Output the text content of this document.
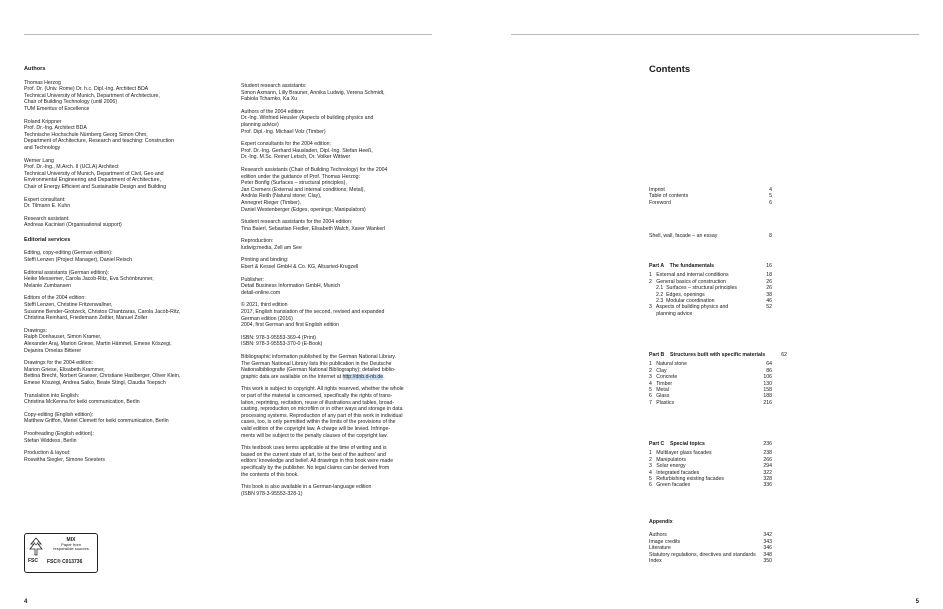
Authors
Thomas Herzog
Prof. Dr. (Univ. Rome) Dr. h.c. Dipl.-Ing. Architect BDA
Technical University of Munich, Department of Architecture,
Chair of Building Technology (until 2006)
TUM Emeritus of Excellence
Roland Krippner
Prof. Dr.-Ing. Architect BDA
Technische Hochschule Nürnberg Georg Simon Ohm,
Department of Architecture, Research and teaching: Construction
and Technology
Werner Lang
Prof. Dr.-Ing., M.Arch. II (UCLA) Architect
Technical University of Munich, Department of Civil, Geo and
Environmental Engineering and Department of Architecture,
Chair of Energy Efficient and Sustainable Design and Building
Expert consultant:
Dr. Tilmann E. Kuhn
Research assistant:
Andreas Kaciniari (Organisational support)
Editorial services
Editing, copy-editing (German edition):
Steffi Lenzen (Project Manager), Daniel Reisch
Editorial assistants (German edition):
Heike Messemer, Carola Jacob-Ritz, Eva Schönbrunner,
Melanie Zumbansen
Editors of the 2004 edition:
Steffi Lenzen, Christine Fritzenwallner,
Susanne Bender-Grotzeck, Christos Chantzaras, Carola Jacob-Ritz,
Christina Reinhard, Friedemann Zeitler, Manuel Zoller
Drawings:
Ralph Donhauser, Simon Kramer,
Alexander Araj, Marion Griese, Martin Hämmel, Emese Köszegi,
Dejanira Ornelas Bitterer
Drawings for the 2004 edition:
Marion Griese, Elisabeth Krammer,
Bettina Brecht, Norbert Graeser, Christiane Haslberger, Oliver Klein,
Emese Köszegi, Andrea Saiko, Beate Stingl, Claudia Toepsch
Translation into English:
Christina McKenna for keiki communication, Berlin
Copy-editing (English edition):
Matthew Griffon, Meriel Clemett for keiki communication, Berlin
Proofreading (English edition):
Stefan Widdess, Berlin
Production & layout:
Roswitha Siegler, Simone Soesters
Student research assistants:
Simon Axmann, Lilly Brauner, Annika Ludwig, Verena Schmidt,
Fabiola Tchamko, Ka Xu
Authors of the 2004 edition:
Dr.-Ing. Winfried Heusler (Aspects of building physics and
planning advice)
Prof. Dipl.-Ing. Michael Volz (Timber)
Expert consultants for the 2004 edition:
Prof. Dr.-Ing. Gerhard Hausladen, Dipl.-Ing. Stefan Heeß,
Dr.-Ing. M.Sc. Reiner Letsch, Dr. Volker Wittwer
Research assistants (Chair of Building Technology) for the 2004
edition under the guidance of Prof. Thomas Herzog:
Peter Bonfig (Surfaces – structural principles),
Jan Cremers (External and internal conditions; Metal),
András Reith (Natural stone; Clay),
Annegret Rieger (Timber),
Daniel Westenberger (Edges, openings; Manipulators)
Student research assistants for the 2004 edition:
Tina Baierl, Sebastian Fiedler, Elisabeth Walch, Xaver Wankerl
Reproduction:
ludwig:media, Zell am See
Printing and binding:
Ebert & Kessel GmbH & Co. KG, Altusried-Krugzell
Publisher:
Detail Business Information GmbH, Munich
detail-online.com
© 2021, third edition
2017, English translation of the second, revised and expanded
German edition (2016)
2004, first German and first English edition
ISBN: 978-3-95553-369-4 (Print)
ISBN: 978-3-95553-370-0 (E-Book)
Bibliographic information published by the German National Library.
The German National Library lists this publication in the Deutsche
Nationalbibliografie (German National Bibliography); detailed biblio-
graphic data are available on the Internet at http://dnb.d-nb.de.
This work is subject to copyright. All rights reserved, whether the whole
or part of the material is concerned, specifically the rights of trans-
lation, reprinting, recitation, reuse of illustrations and tables, broad-
casting, reproduction on microfilm or in other ways and storage in data
processing systems. Reproduction of any part of this work in individual
cases, too, is only permitted within the limits of the provisions of the
valid edition of the copyright law. A charge will be levied. Infringe-
ments will be subject to the penalty clauses of the copyright law.
This textbook uses terms applicable at the time of writing and is
based on the current state of art, to the best of the authors' and
editors' knowledge and belief. All drawings in this book were made
specifically by the publisher. No legal claims can be derived from
the contents of this book.
This book is also available in a German-language edition
(ISBN 978-3-95553-328-1)
FSC
MIX
Paper from
responsible sources
FSC® C013736
4
Contents
Imprint	4
Table of contents	5
Foreword	6
Shell, wall, facade – an essay	8
Part A    The fundamentals	16
1   External and internal conditions	18
2   General basics of construction	26
2.1  Surfaces – structural principles	26
2.2  Edges, openings	38
2.3  Modular coordination	46
3   Aspects of building physics and
planning advice
52
Part B    Structures built with specific materials	62
1   Natural stone	64
2   Clay	86
3   Concrete	106
4   Timber	130
5   Metal	158
6   Glass	188
7   Plastics	216
Part C    Special topics	236
1   Multilayer glass facades	238
2   Manipulators	266
3   Solar energy	294
4   Integrated facades	322
5   Refurbishing existing facades	328
6   Green facades	336
Appendix
Authors	342
Image credits	343
Literature	346
Statutory regulations, directives and standards 348
Index	350
5
